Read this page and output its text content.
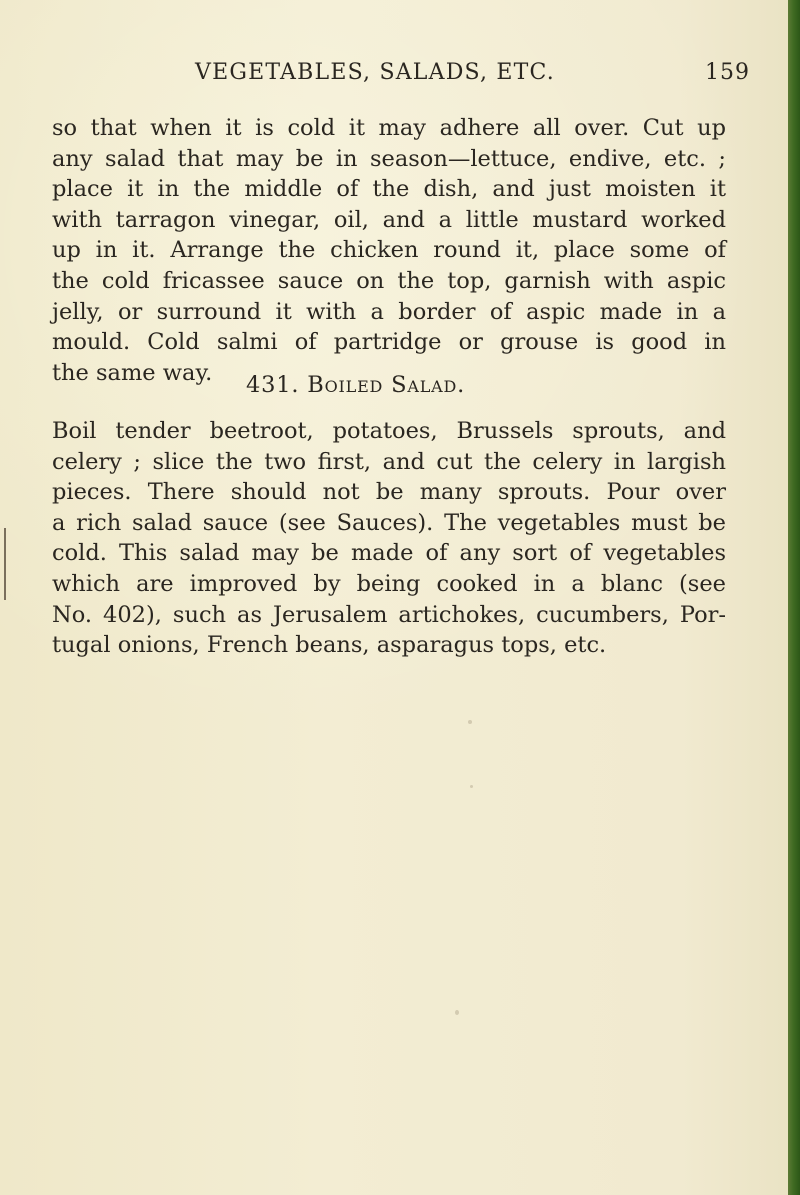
VEGETABLES, SALADS, ETC.	159

so that when it is cold it may adhere all over. Cut up
any salad that may be in season—lettuce, endive, etc. ;
place it in the middle of the dish, and just moisten it
with tarragon vinegar, oil, and a little mustard worked
up in it. Arrange the chicken round it, place some of
the cold fricassee sauce on the top, garnish with aspic
jelly, or surround it with a border of aspic made in a
mould. Cold salmi of partridge or grouse is good in
the same way.	431. Boiled Salad.

Boil tender beetroot, potatoes, Brussels sprouts, and
celery ; slice the two first, and cut the celery in largish
pieces. There should not be many sprouts. Pour over
a rich salad sauce (see Sauces). The vegetables must be
cold. This salad may be made of any sort of vegetables
which are improved by being cooked in a blanc (see
No. 402), such as Jerusalem artichokes, cucumbers, Por-
tugal onions, French beans, asparagus tops, etc.
